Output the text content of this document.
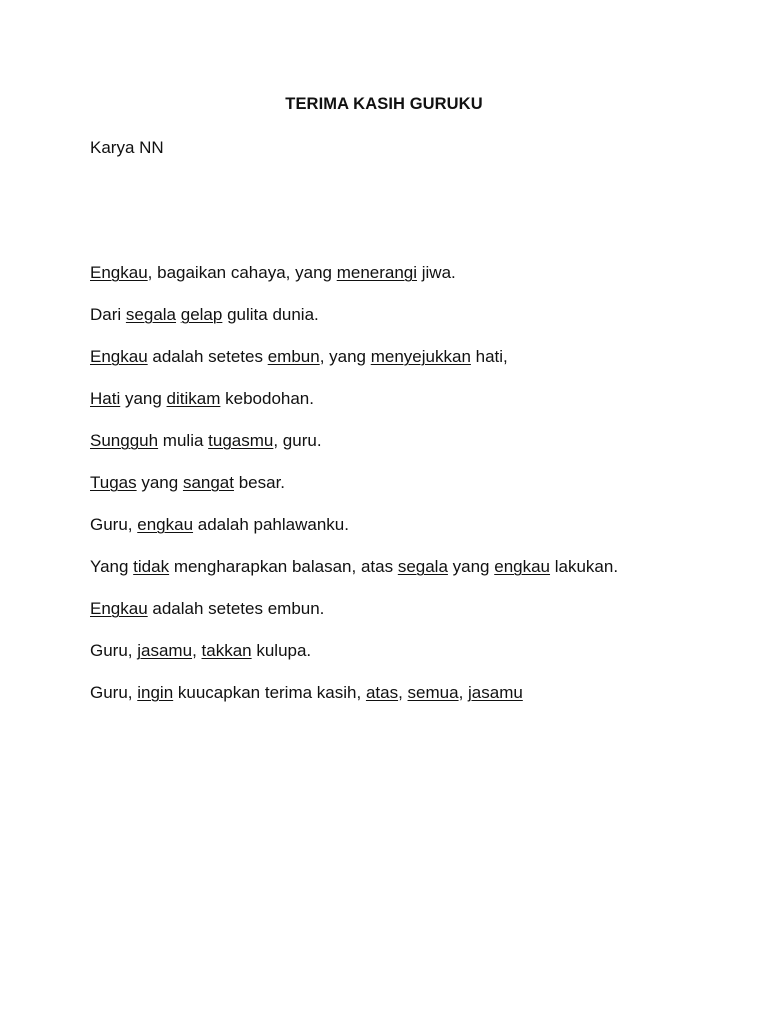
TERIMA KASIH GURUKU
Karya NN
Engkau, bagaikan cahaya, yang menerangi jiwa.
Dari segala gelap gulita dunia.
Engkau adalah setetes embun, yang menyejukkan hati,
Hati yang ditikam kebodohan.
Sungguh mulia tugasmu, guru.
Tugas yang sangat besar.
Guru, engkau adalah pahlawanku.
Yang tidak mengharapkan balasan, atas segala yang engkau lakukan.
Engkau adalah setetes embun.
Guru, jasamu, takkan kulupa.
Guru, ingin kuucapkan terima kasih, atas, semua, jasamu
